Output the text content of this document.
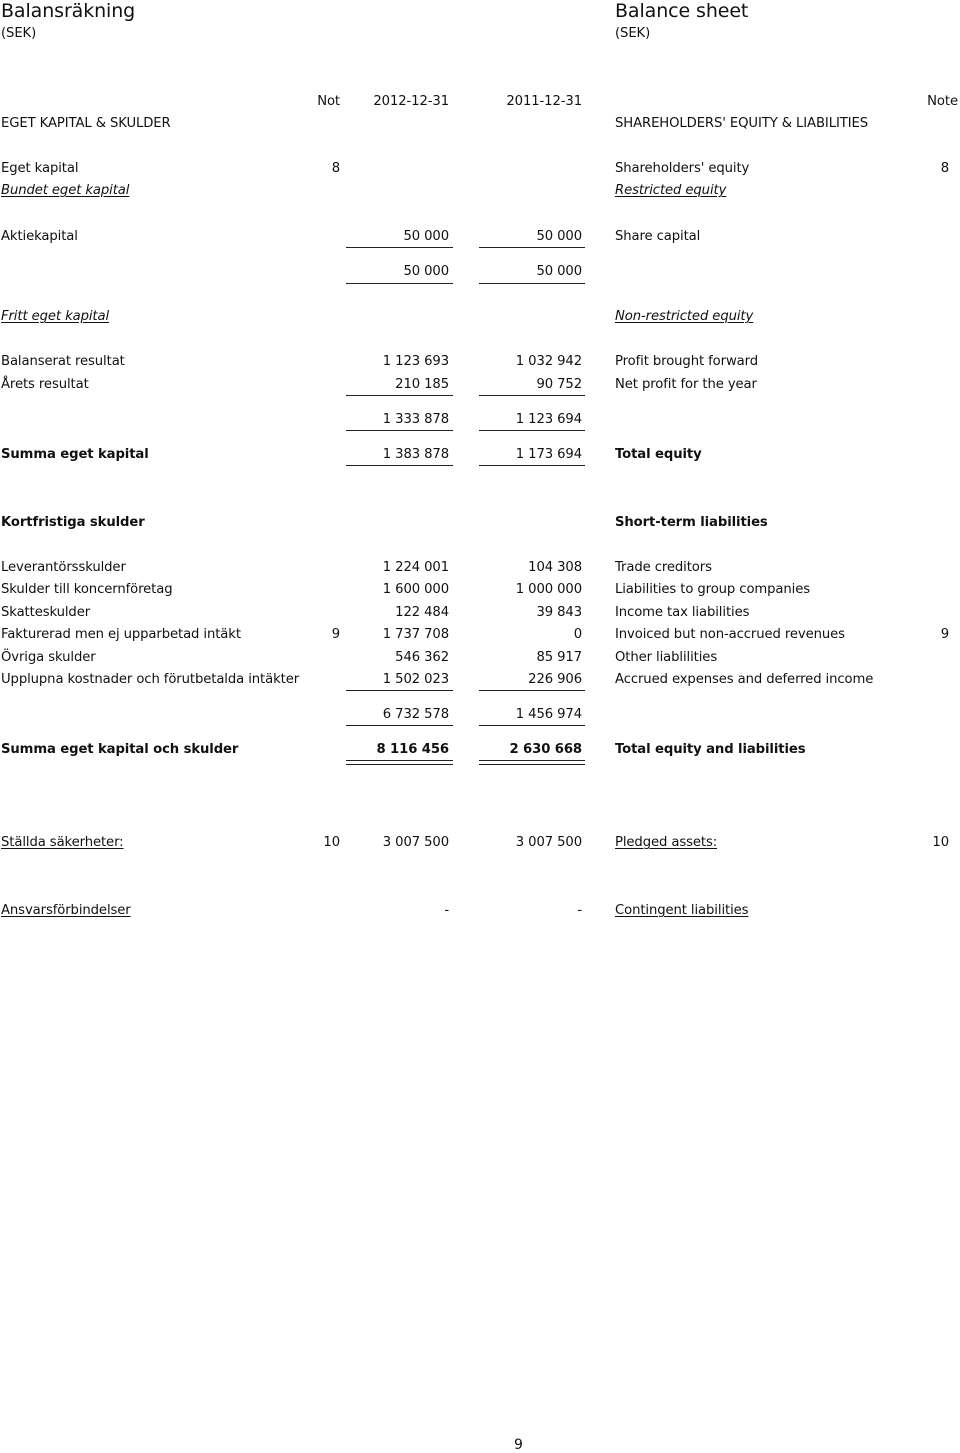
Balansräkning	Balance sheet
(SEK)	(SEK)
Not	2012-12-31	2011-12-31	Note
EGET KAPITAL & SKULDER	SHAREHOLDERS' EQUITY & LIABILITIES
Eget kapital	8	Shareholders' equity	8
Bundet eget kapital	Restricted equity
Aktiekapital	50 000	50 000	Share capital
50 000	50 000
Fritt eget kapital	Non-restricted equity
Balanserat resultat	1 123 693	1 032 942	Profit brought forward
Årets resultat	210 185	90 752	Net profit for the year
1 333 878	1 123 694
Summa eget kapital	1 383 878	1 173 694	Total equity
Kortfristiga skulder	Short-term liabilities
Leverantörsskulder	1 224 001	104 308	Trade creditors
Skulder till koncernföretag	1 600 000	1 000 000	Liabilities to group companies
Skatteskulder	122 484	39 843	Income tax liabilities
Fakturerad men ej upparbetad intäkt	9	1 737 708	0	Invoiced but non-accrued revenues	9
Övriga skulder	546 362	85 917	Other liablilities
Upplupna kostnader och förutbetalda intäkter	1 502 023	226 906	Accrued expenses and deferred income
6 732 578	1 456 974
Summa eget kapital och skulder	8 116 456	2 630 668	Total equity and liabilities
Ställda säkerheter:	10	3 007 500	3 007 500	Pledged assets:	10
Ansvarsförbindelser	-	-	Contingent liabilities
9
